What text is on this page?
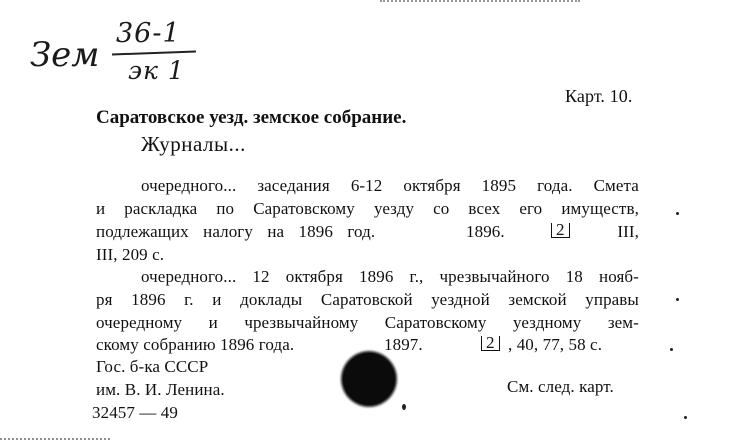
Зем
36-1
эк 1
Карт. 10.
Саратовское уезд. земское собрание.
Журналы...
очередного... заседания 6-12 октября 1895 года. Смета
и раскладка по Саратовскому уезду со всех его имуществ,
подлежащих налогу на 1896 год.	1896.	2	III,
III, 209 с.
очередного... 12 октября 1896 г., чрезвычайного 18 нояб-
ря 1896 г. и доклады Саратовской уездной земской управы
очередному и чрезвычайному Саратовскому уездному зем-
скому собранию 1896 года.	1897.	2 , 40, 77, 58 с.
Гос. б-ка СССР
им. В. И. Ленина.
32457 — 49
См. след. карт.
